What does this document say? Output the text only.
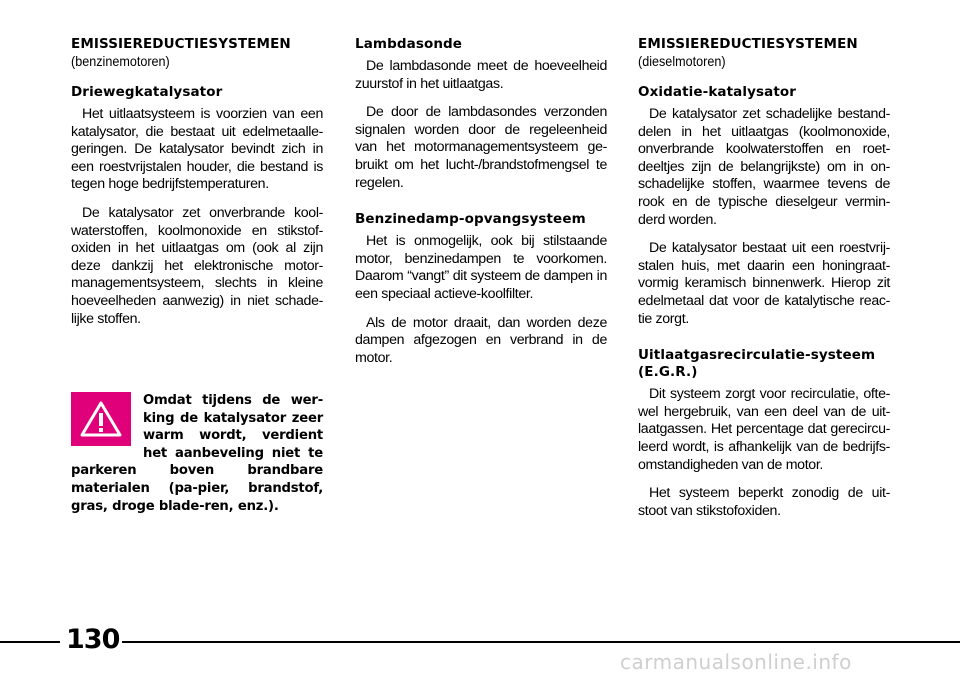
EMISSIEREDUCTIESYSTEMEN
(benzinemotoren)
Driewegkatalysator

Het uitlaatsysteem is voorzien van een katalysator, die bestaat uit edelmetaalle-geringen. De katalysator bevindt zich in een roestvrijstalen houder, die bestand is tegen hoge bedrijfstemperaturen.

De katalysator zet onverbrande kool-waterstoffen, koolmonoxide en stikstof-oxiden in het uitlaatgas om (ook al zijn deze dankzij het elektronische motor-managementsysteem, slechts in kleine hoeveelheden aanwezig) in niet schade-lijke stoffen.

Omdat tijdens de wer-king de katalysator zeer warm wordt, verdient het aanbeveling niet te parkeren boven brandbare materialen (pa-pier, brandstof, gras, droge blade-ren, enz.).
Lambdasonde

De lambdasonde meet de hoeveelheid zuurstof in het uitlaatgas.

De door de lambdasondes verzonden signalen worden door de regeleenheid van het motormanagementsysteem ge-bruikt om het lucht-/brandstofmengsel te regelen.

Benzinedamp-opvangsysteem

Het is onmogelijk, ook bij stilstaande motor, benzinedampen te voorkomen. Daarom “vangt” dit systeem de dampen in een speciaal actieve-koolfilter.

Als de motor draait, dan worden deze dampen afgezogen en verbrand in de motor.

EMISSIEREDUCTIESYSTEMEN
(dieselmotoren)
Oxidatie-katalysator

De katalysator zet schadelijke bestand-delen in het uitlaatgas (koolmonoxide, onverbrande koolwaterstoffen en roet-deeltjes zijn de belangrijkste) om in on-schadelijke stoffen, waarmee tevens de rook en de typische dieselgeur vermin-derd worden.

De katalysator bestaat uit een roestvrij-stalen huis, met daarin een honingraat-vormig keramisch binnenwerk. Hierop zit edelmetaal dat voor de katalytische reac-tie zorgt.

Uitlaatgasrecirculatie-systeem
(E.G.R.)

Dit systeem zorgt voor recirculatie, ofte-wel hergebruik, van een deel van de uit-laatgassen. Het percentage dat gerecircu-leerd wordt, is afhankelijk van de bedrijfs-omstandigheden van de motor.

Het systeem beperkt zonodig de uit-stoot van stikstofoxiden.

130
carmanualsonline.info
